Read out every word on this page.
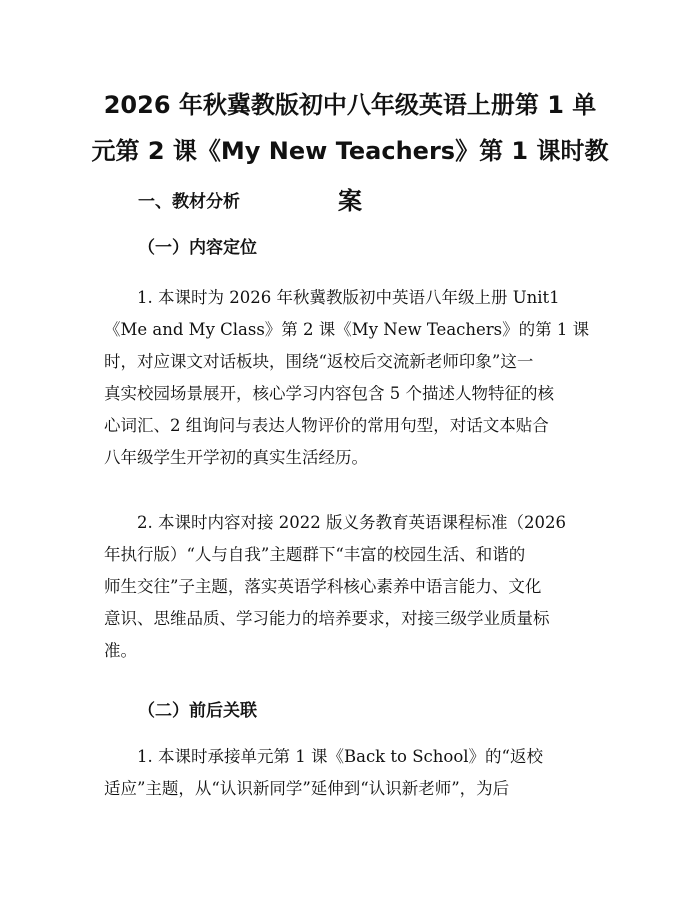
2026 年秋冀教版初中八年级英语上册第 1 单
元第 2 课《My New Teachers》第 1 课时教案
一、教材分析
（一）内容定位

1. 本课时为 2026 年秋冀教版初中英语八年级上册 Unit1
《Me and My Class》第 2 课《My New Teachers》的第 1 课
时，对应课文对话板块，围绕“返校后交流新老师印象”这一
真实校园场景展开，核心学习内容包含 5 个描述人物特征的核
心词汇、2 组询问与表达人物评价的常用句型，对话文本贴合
八年级学生开学初的真实生活经历。

2. 本课时内容对接 2022 版义务教育英语课程标准（2026
年执行版）“人与自我”主题群下“丰富的校园生活、和谐的
师生交往”子主题，落实英语学科核心素养中语言能力、文化
意识、思维品质、学习能力的培养要求，对接三级学业质量标
准。

（二）前后关联

1. 本课时承接单元第 1 课《Back to School》的“返校
适应”主题，从“认识新同学”延伸到“认识新老师”，为后
